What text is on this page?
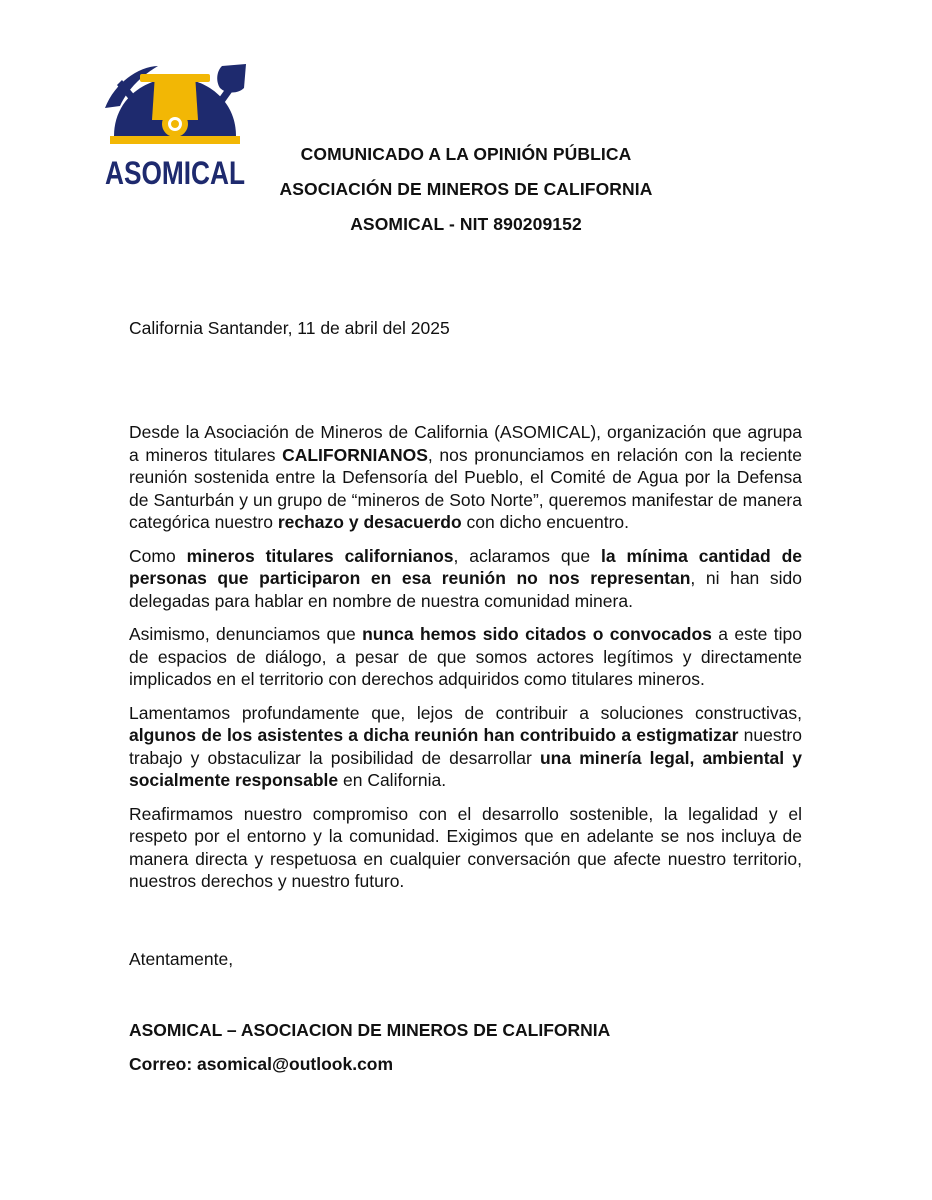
ASOMICAL
COMUNICADO A LA OPINIÓN PÚBLICA
ASOCIACIÓN DE MINEROS DE CALIFORNIA
ASOMICAL - NIT 890209152
California Santander, 11 de abril del 2025

Desde la Asociación de Mineros de California (ASOMICAL), organización que agrupa a mineros titulares CALIFORNIANOS, nos pronunciamos en relación con la reciente reunión sostenida entre la Defensoría del Pueblo, el Comité de Agua por la Defensa de Santurbán y un grupo de “mineros de Soto Norte”, queremos manifestar de manera categórica nuestro rechazo y desacuerdo con dicho encuentro.

Como mineros titulares californianos, aclaramos que la mínima cantidad de personas que participaron en esa reunión no nos representan, ni han sido delegadas para hablar en nombre de nuestra comunidad minera.

Asimismo, denunciamos que nunca hemos sido citados o convocados a este tipo de espacios de diálogo, a pesar de que somos actores legítimos y directamente implicados en el territorio con derechos adquiridos como titulares mineros.

Lamentamos profundamente que, lejos de contribuir a soluciones constructivas, algunos de los asistentes a dicha reunión han contribuido a estigmatizar nuestro trabajo y obstaculizar la posibilidad de desarrollar una minería legal, ambiental y socialmente responsable en California.

Reafirmamos nuestro compromiso con el desarrollo sostenible, la legalidad y el respeto por el entorno y la comunidad. Exigimos que en adelante se nos incluya de manera directa y respetuosa en cualquier conversación que afecte nuestro territorio, nuestros derechos y nuestro futuro.

Atentamente,
ASOMICAL – ASOCIACION DE MINEROS DE CALIFORNIA
Correo: asomical@outlook.com
